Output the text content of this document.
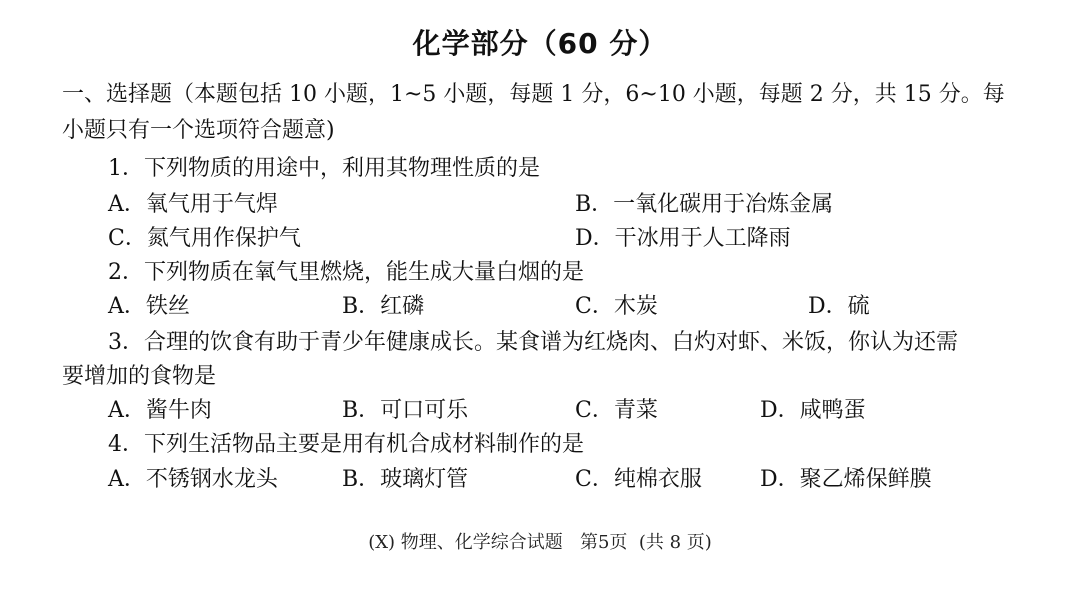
化学部分（60 分）
一、选择题（本题包括 10 小题，1~5 小题，每题 1 分，6~10 小题，每题 2 分，共 15 分。每
小题只有一个选项符合题意)
1．下列物质的用途中，利用其物理性质的是
A．氧气用于气焊	B．一氧化碳用于冶炼金属
C．氮气用作保护气	D．干冰用于人工降雨
2．下列物质在氧气里燃烧，能生成大量白烟的是
A．铁丝	B．红磷	C．木炭	D．硫
3．合理的饮食有助于青少年健康成长。某食谱为红烧肉、白灼对虾、米饭，你认为还需
要增加的食物是
A．酱牛肉	B．可口可乐	C．青菜	D．咸鸭蛋
4．下列生活物品主要是用有机合成材料制作的是
A．不锈钢水龙头	B．玻璃灯管	C．纯棉衣服	D．聚乙烯保鲜膜
(X) 物理、化学综合试题   第5页  (共 8 页)
